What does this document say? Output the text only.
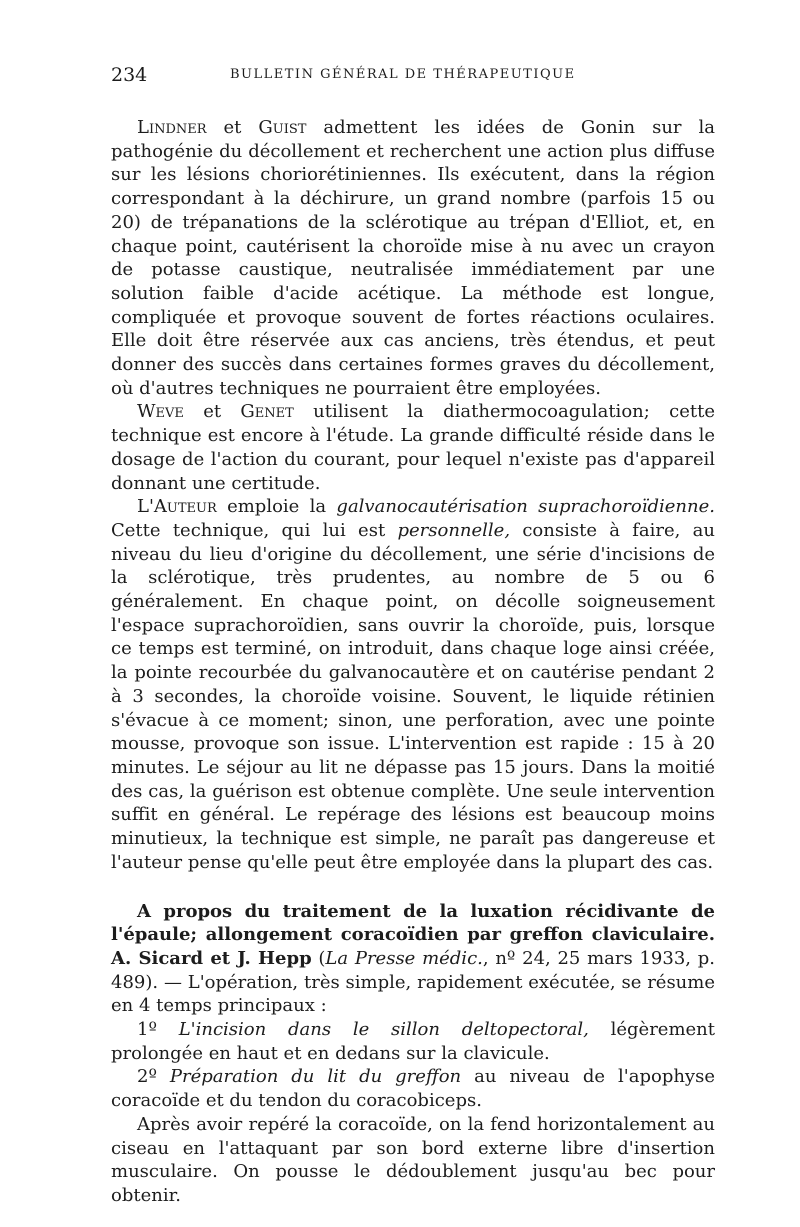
234	BULLETIN GÉNÉRAL DE THÉRAPEUTIQUE

Lindner et Guist admettent les idées de Gonin sur la pathogénie du décollement et recherchent une action plus diffuse sur les lésions choriorétiniennes. Ils exécutent, dans la région correspondant à la déchirure, un grand nombre (parfois 15 ou 20) de trépanations de la sclérotique au trépan d'Elliot, et, en chaque point, cautérisent la choroïde mise à nu avec un crayon de potasse caustique, neutralisée immédiatement par une solution faible d'acide acétique. La méthode est longue, compliquée et provoque souvent de fortes réactions oculaires. Elle doit être réservée aux cas anciens, très étendus, et peut donner des succès dans certaines formes graves du décollement, où d'autres techniques ne pourraient être employées.

Weve et Genet utilisent la diathermocoagulation; cette technique est encore à l'étude. La grande difficulté réside dans le dosage de l'action du courant, pour lequel n'existe pas d'appareil donnant une certitude.

L'Auteur emploie la galvanocautérisation suprachoroïdienne. Cette technique, qui lui est personnelle, consiste à faire, au niveau du lieu d'origine du décollement, une série d'incisions de la sclérotique, très prudentes, au nombre de 5 ou 6 généralement. En chaque point, on décolle soigneusement l'espace suprachoroïdien, sans ouvrir la choroïde, puis, lorsque ce temps est terminé, on introduit, dans chaque loge ainsi créée, la pointe recourbée du galvanocautère et on cautérise pendant 2 à 3 secondes, la choroïde voisine. Souvent, le liquide rétinien s'évacue à ce moment; sinon, une perforation, avec une pointe mousse, provoque son issue. L'intervention est rapide : 15 à 20 minutes. Le séjour au lit ne dépasse pas 15 jours. Dans la moitié des cas, la guérison est obtenue complète. Une seule intervention suffit en général. Le repérage des lésions est beaucoup moins minutieux, la technique est simple, ne paraît pas dangereuse et l'auteur pense qu'elle peut être employée dans la plupart des cas.

A propos du traitement de la luxation récidivante de l'épaule; allongement coracoïdien par greffon claviculaire. A. Sicard et J. Hepp (La Presse médic., nº 24, 25 mars 1933, p. 489). — L'opération, très simple, rapidement exécutée, se résume en 4 temps principaux :

1º L'incision dans le sillon deltopectoral, légèrement prolongée en haut et en dedans sur la clavicule.

2º Préparation du lit du greffon au niveau de l'apophyse coracoïde et du tendon du coracobiceps.

Après avoir repéré la coracoïde, on la fend horizontalement au ciseau en l'attaquant par son bord externe libre d'insertion musculaire. On pousse le dédoublement jusqu'au bec pour obtenir.
